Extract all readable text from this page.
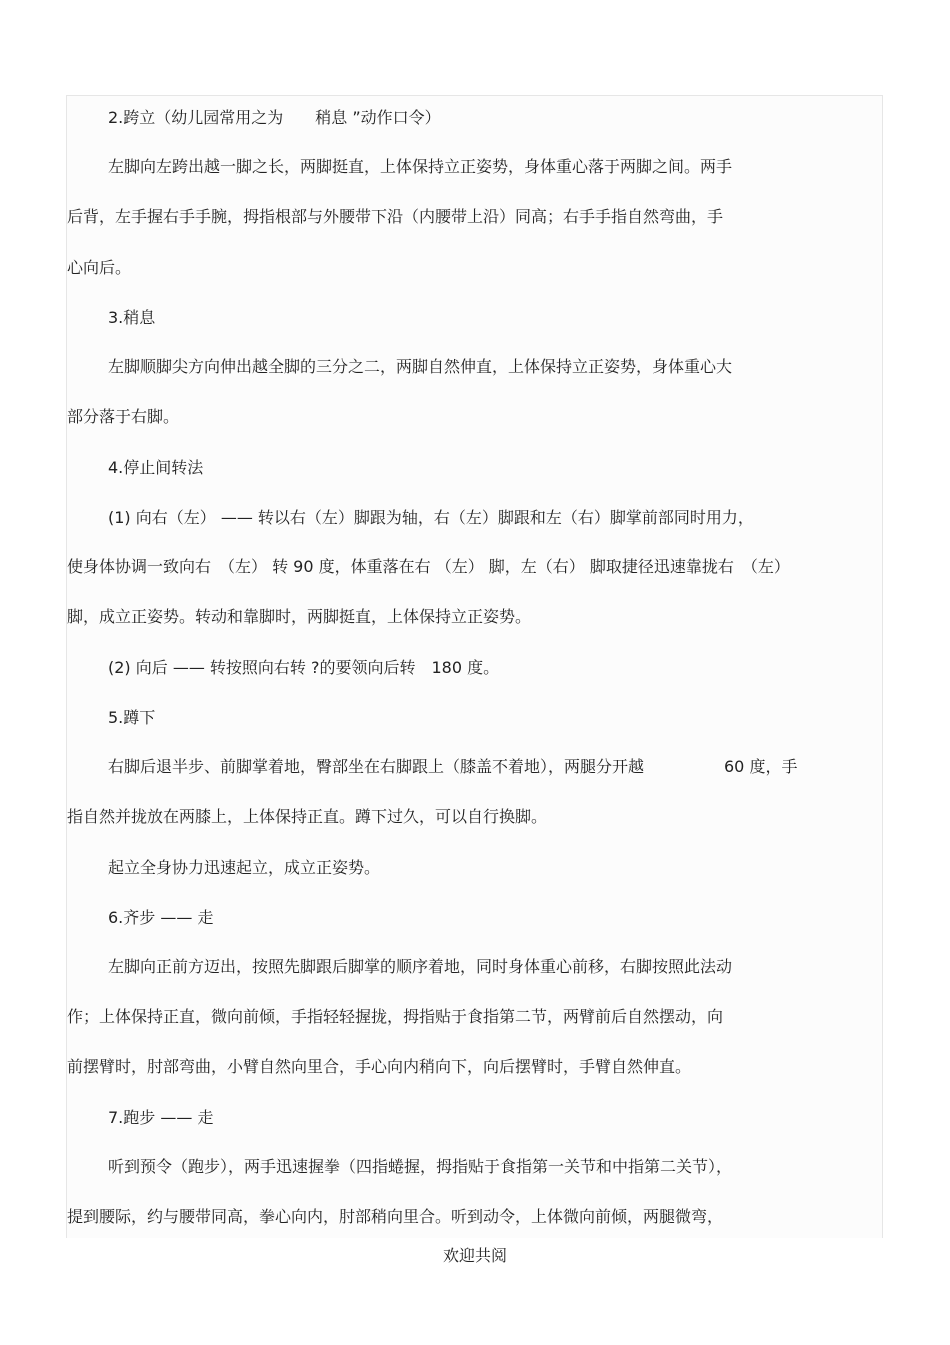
2.跨立（幼儿园常用之为　　稍息 ”动作口令）
左脚向左跨出越一脚之长，两脚挺直，上体保持立正姿势，身体重心落于两脚之间。两手
后背，左手握右手手腕，拇指根部与外腰带下沿（内腰带上沿）同高；右手手指自然弯曲，手
心向后。
3.稍息
左脚顺脚尖方向伸出越全脚的三分之二，两脚自然伸直，上体保持立正姿势，身体重心大
部分落于右脚。
4.停止间转法
(1) 向右（左） —— 转以右（左）脚跟为轴，右（左）脚跟和左（右）脚掌前部同时用力，
使身体协调一致向右　（左） 转 90 度，体重落在右 （左） 脚，左（右） 脚取捷径迅速靠拢右　（左）
脚，成立正姿势。转动和靠脚时，两脚挺直，上体保持立正姿势。
(2) 向后 —— 转按照向右转 ?的要领向后转　180 度。
5.蹲下
右脚后退半步、前脚掌着地，臀部坐在右脚跟上（膝盖不着地），两腿分开越　　　　　60 度，手
指自然并拢放在两膝上，上体保持正直。蹲下过久，可以自行换脚。
起立全身协力迅速起立，成立正姿势。
6.齐步 —— 走
左脚向正前方迈出，按照先脚跟后脚掌的顺序着地，同时身体重心前移，右脚按照此法动
作；上体保持正直，微向前倾，手指轻轻握拢，拇指贴于食指第二节，两臂前后自然摆动，向
前摆臂时，肘部弯曲，小臂自然向里合，手心向内稍向下，向后摆臂时，手臂自然伸直。
7.跑步 —— 走
听到预令（跑步），两手迅速握拳（四指蜷握，拇指贴于食指第一关节和中指第二关节），
提到腰际，约与腰带同高，拳心向内，肘部稍向里合。听到动令，上体微向前倾，两腿微弯，
欢迎共阅
